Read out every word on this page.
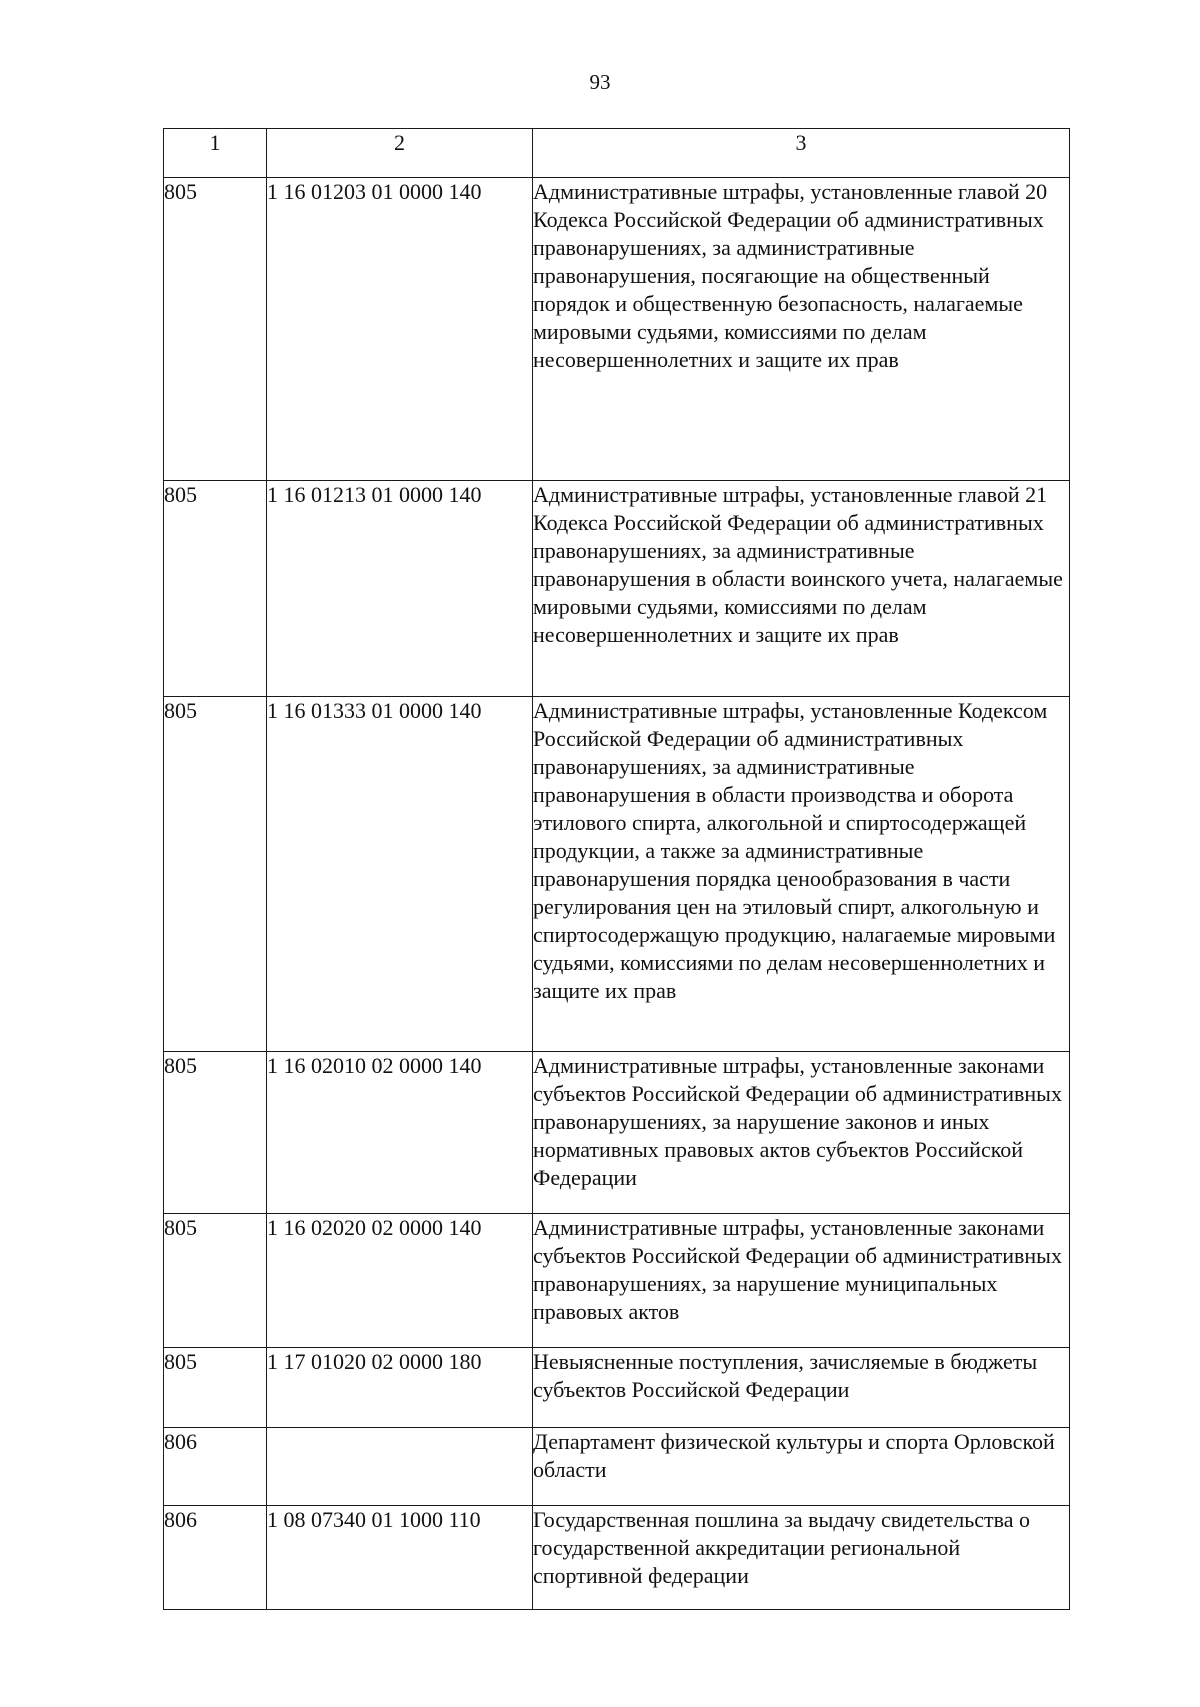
93
1	2	3
805	1 16 01203 01 0000 140	Административные штрафы, установленные главой 20 Кодекса Российской Федерации об административных правонарушениях, за административные правонарушения, посягающие на общественный порядок и общественную безопасность, налагаемые мировыми судьями, комиссиями по делам несовершеннолетних и защите их прав
805	1 16 01213 01 0000 140	Административные штрафы, установленные главой 21 Кодекса Российской Федерации об административных правонарушениях, за административные правонарушения в области воинского учета, налагаемые мировыми судьями, комиссиями по делам несовершеннолетних и защите их прав
805	1 16 01333 01 0000 140	Административные штрафы, установленные Кодексом Российской Федерации об административных правонарушениях, за административные правонарушения в области производства и оборота этилового спирта, алкогольной и спиртосодержащей продукции, а также за административные правонарушения порядка ценообразования в части регулирования цен на этиловый спирт, алкогольную и спиртосодержащую продукцию, налагаемые мировыми судьями, комиссиями по делам несовершеннолетних и защите их прав
805	1 16 02010 02 0000 140	Административные штрафы, установленные законами субъектов Российской Федерации об административных правонарушениях, за нарушение законов и иных нормативных правовых актов субъектов Российской Федерации
805	1 16 02020 02 0000 140	Административные штрафы, установленные законами субъектов Российской Федерации об административных правонарушениях, за нарушение муниципальных правовых актов
805	1 17 01020 02 0000 180	Невыясненные поступления, зачисляемые в бюджеты субъектов Российской Федерации
806		Департамент физической культуры и спорта Орловской области
806	1 08 07340 01 1000 110	Государственная пошлина за выдачу свидетельства о государственной аккредитации региональной спортивной федерации
